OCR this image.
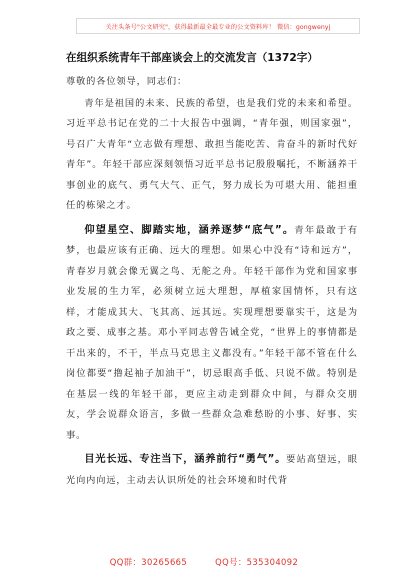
关注头条号"公文研究"，获得最新最全最专业的公文资料库！ 微信：gongwenyj
在组织系统青年干部座谈会上的交流发言（1372字）

尊敬的各位领导，同志们：

青年是祖国的未来、民族的希望，也是我们党的未来和希望。习近平总书记在党的二十大报告中强调，“青年强，则国家强”，号召广大青年“立志做有理想、敢担当能吃苦、肯奋斗的新时代好青年”。年轻干部应深刻领悟习近平总书记殷殷嘱托，不断涵养干事创业的底气、勇气大气、正气，努力成长为可堪大用、能担重任的栋梁之才。

仰望星空、脚踏实地，涵养逐梦“底气”。青年最敢于有梦，也最应该有正确、远大的理想。如果心中没有“诗和远方”，青春岁月就会像无翼之鸟、无舵之舟。年轻干部作为党和国家事业发展的生力军，必须树立远大理想，厚植家国情怀，只有这样，才能成其大、飞其高、远其远。实现理想要靠实干，这是为政之要、成事之基。邓小平同志曾告诫全党，“世界上的事情都是干出来的，不干，半点马克思主义都没有。”年轻干部不管在什么岗位都要“撸起袖子加油干”，切忌眼高手低、只说不做。特别是在基层一线的年轻干部，更应主动走到群众中间，与群众交朋友，学会说群众语言，多做一些群众急难愁盼的小事、好事、实事。

目光长远、专注当下，涵养前行“勇气”。要站高望远，眼光向内向远，主动去认识所处的社会环境和时代背

QQ群：30265665	QQ号：535304092
